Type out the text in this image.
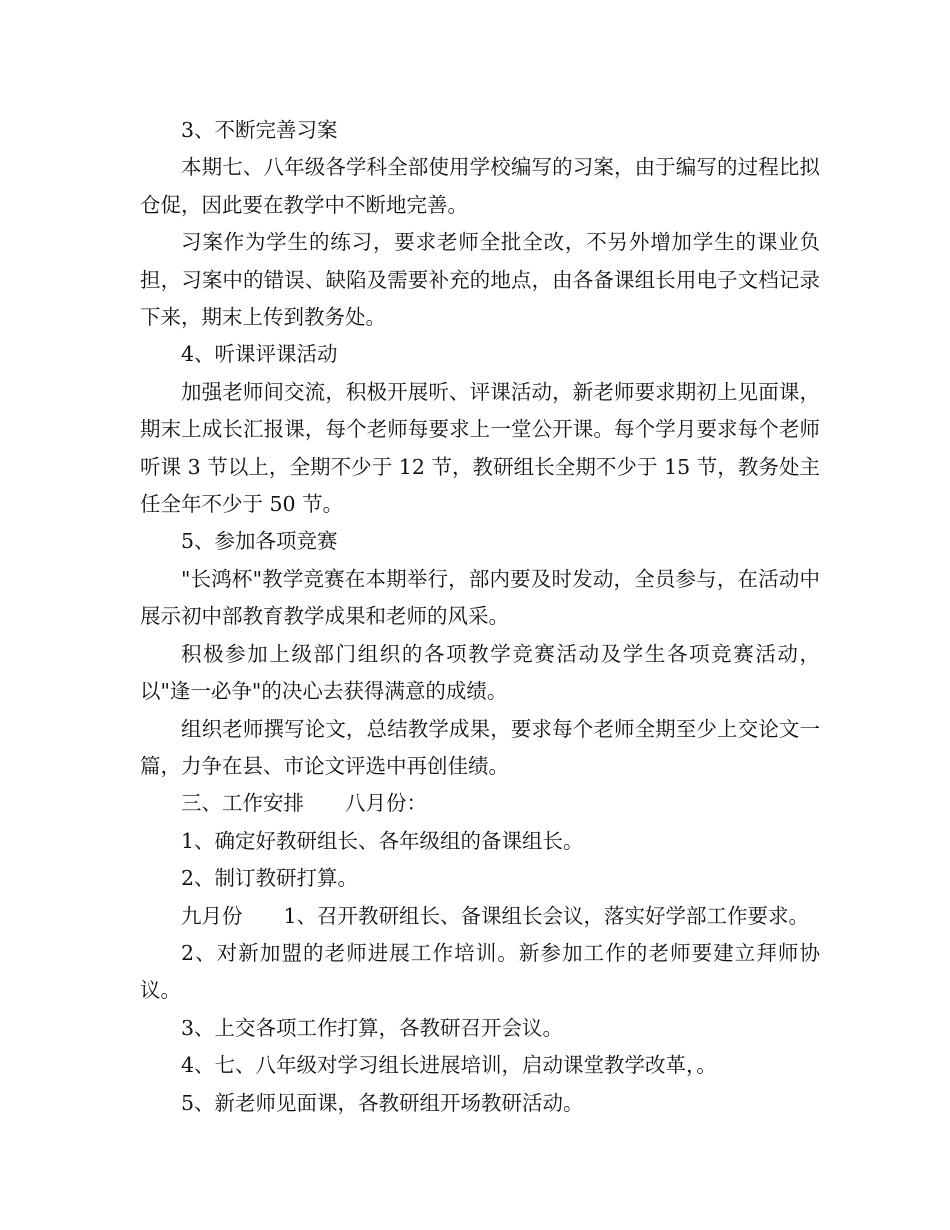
3、不断完善习案

本期七、八年级各学科全部使用学校编写的习案，由于编写的过程比拟仓促，因此要在教学中不断地完善。

习案作为学生的练习，要求老师全批全改，不另外增加学生的课业负担，习案中的错误、缺陷及需要补充的地点，由各备课组长用电子文档记录下来，期末上传到教务处。

4、听课评课活动

加强老师间交流，积极开展听、评课活动，新老师要求期初上见面课，期末上成长汇报课，每个老师每要求上一堂公开课。每个学月要求每个老师听课 3 节以上，全期不少于 12 节，教研组长全期不少于 15 节，教务处主任全年不少于 50 节。

5、参加各项竞赛

"长鸿杯"教学竞赛在本期举行，部内要及时发动，全员参与，在活动中展示初中部教育教学成果和老师的风采。

积极参加上级部门组织的各项教学竞赛活动及学生各项竞赛活动，以"逢一必争"的决心去获得满意的成绩。

组织老师撰写论文，总结教学成果，要求每个老师全期至少上交论文一篇，力争在县、市论文评选中再创佳绩。

三、工作安排　　八月份：

1、确定好教研组长、各年级组的备课组长。

2、制订教研打算。

九月份　　1、召开教研组长、备课组长会议，落实好学部工作要求。

2、对新加盟的老师进展工作培训。新参加工作的老师要建立拜师协议。

3、上交各项工作打算，各教研召开会议。

4、七、八年级对学习组长进展培训，启动课堂教学改革，。

5、新老师见面课，各教研组开场教研活动。
